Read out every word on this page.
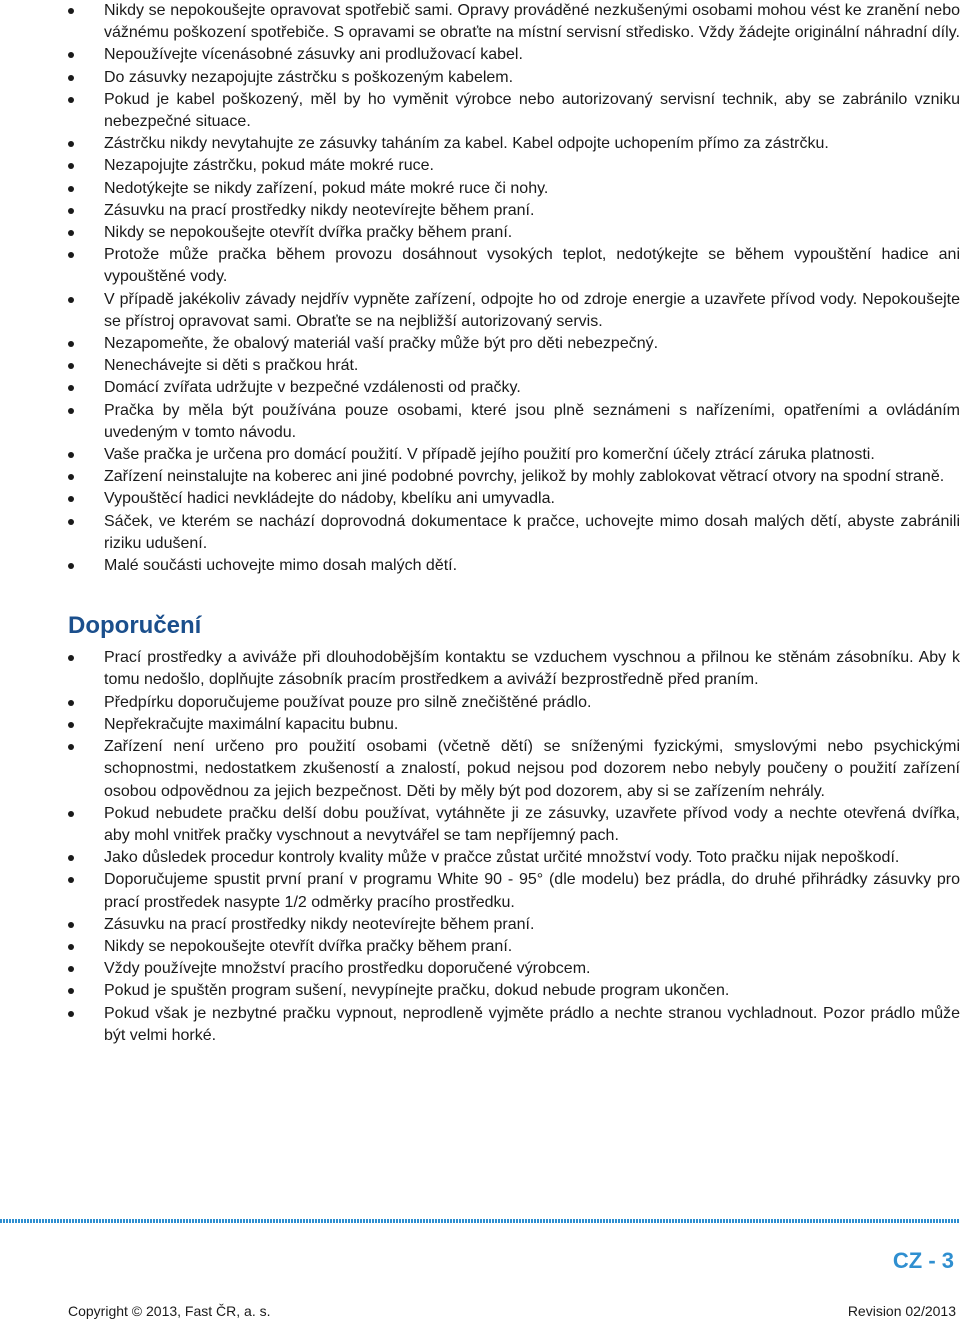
Nikdy se nepokoušejte opravovat spotřebič sami. Opravy prováděné nezkušenými osobami mohou vést ke zranění nebo vážnému poškození spotřebiče. S opravami se obraťte na místní servisní středisko. Vždy žádejte originální náhradní díly.
Nepoužívejte vícenásobné zásuvky ani prodlužovací kabel.
Do zásuvky nezapojujte zástrčku s poškozeným kabelem.
Pokud je kabel poškozený, měl by ho vyměnit výrobce nebo autorizovaný servisní technik, aby se zabránilo vzniku nebezpečné situace.
Zástrčku nikdy nevytahujte ze zásuvky taháním za kabel. Kabel odpojte uchopením přímo za zástrčku.
Nezapojujte zástrčku, pokud máte mokré ruce.
Nedotýkejte se nikdy zařízení, pokud máte mokré ruce či nohy.
Zásuvku na prací prostředky nikdy neotevírejte během praní.
Nikdy se nepokoušejte otevřít dvířka pračky během praní.
Protože může pračka během provozu dosáhnout vysokých teplot, nedotýkejte se během vypouštění hadice ani vypouštěné vody.
V případě jakékoliv závady nejdřív vypněte zařízení, odpojte ho od zdroje energie a uzavřete přívod vody. Nepokoušejte se přístroj opravovat sami. Obraťte se na nejbližší autorizovaný servis.
Nezapomeňte, že obalový materiál vaší pračky může být pro děti nebezpečný.
Nenechávejte si děti s pračkou hrát.
Domácí zvířata udržujte v bezpečné vzdálenosti od pračky.
Pračka by měla být používána pouze osobami, které jsou plně seznámeni s nařízeními, opatřeními a ovládáním uvedeným v tomto návodu.
Vaše pračka je určena pro domácí použití. V případě jejího použití pro komerční účely ztrácí záruka platnosti.
Zařízení neinstalujte na koberec ani jiné podobné povrchy, jelikož by mohly zablokovat větrací otvory na spodní straně.
Vypouštěcí hadici nevkládejte do nádoby, kbelíku ani umyvadla.
Sáček, ve kterém se nachází doprovodná dokumentace k pračce, uchovejte mimo dosah malých dětí, abyste zabránili riziku udušení.
Malé součásti uchovejte mimo dosah malých dětí.
Doporučení
Prací prostředky a aviváže při dlouhodobějším kontaktu se vzduchem vyschnou a přilnou ke stěnám zásobníku. Aby k tomu nedošlo, doplňujte zásobník pracím prostředkem a aviváží bezprostředně před praním.
Předpírku doporučujeme používat pouze pro silně znečištěné prádlo.
Nepřekračujte maximální kapacitu bubnu.
Zařízení není určeno pro použití osobami (včetně dětí) se sníženými fyzickými, smyslovými nebo psychickými schopnostmi, nedostatkem zkušeností a znalostí, pokud nejsou pod dozorem nebo nebyly poučeny o použití zařízení osobou odpovědnou za jejich bezpečnost. Děti by měly být pod dozorem, aby si se zařízením nehrály.
Pokud nebudete pračku delší dobu používat, vytáhněte ji ze zásuvky, uzavřete přívod vody a nechte otevřená dvířka, aby mohl vnitřek pračky vyschnout a nevytvářel se tam nepříjemný pach.
Jako důsledek procedur kontroly kvality může v pračce zůstat určité množství vody. Toto pračku nijak nepoškodí.
Doporučujeme spustit první praní v programu White 90 - 95° (dle modelu) bez prádla, do druhé přihrádky zásuvky pro prací prostředek nasypte 1/2 odměrky pracího prostředku.
Zásuvku na prací prostředky nikdy neotevírejte během praní.
Nikdy se nepokoušejte otevřít dvířka pračky během praní.
Vždy používejte množství pracího prostředku doporučené výrobcem.
Pokud je spuštěn program sušení, nevypínejte pračku, dokud nebude program ukončen.
Pokud však je nezbytné pračku vypnout, neprodleně vyjměte prádlo a nechte stranou vychladnout. Pozor prádlo může být velmi horké.
CZ - 3
Copyright © 2013, Fast ČR, a. s.	Revision 02/2013
